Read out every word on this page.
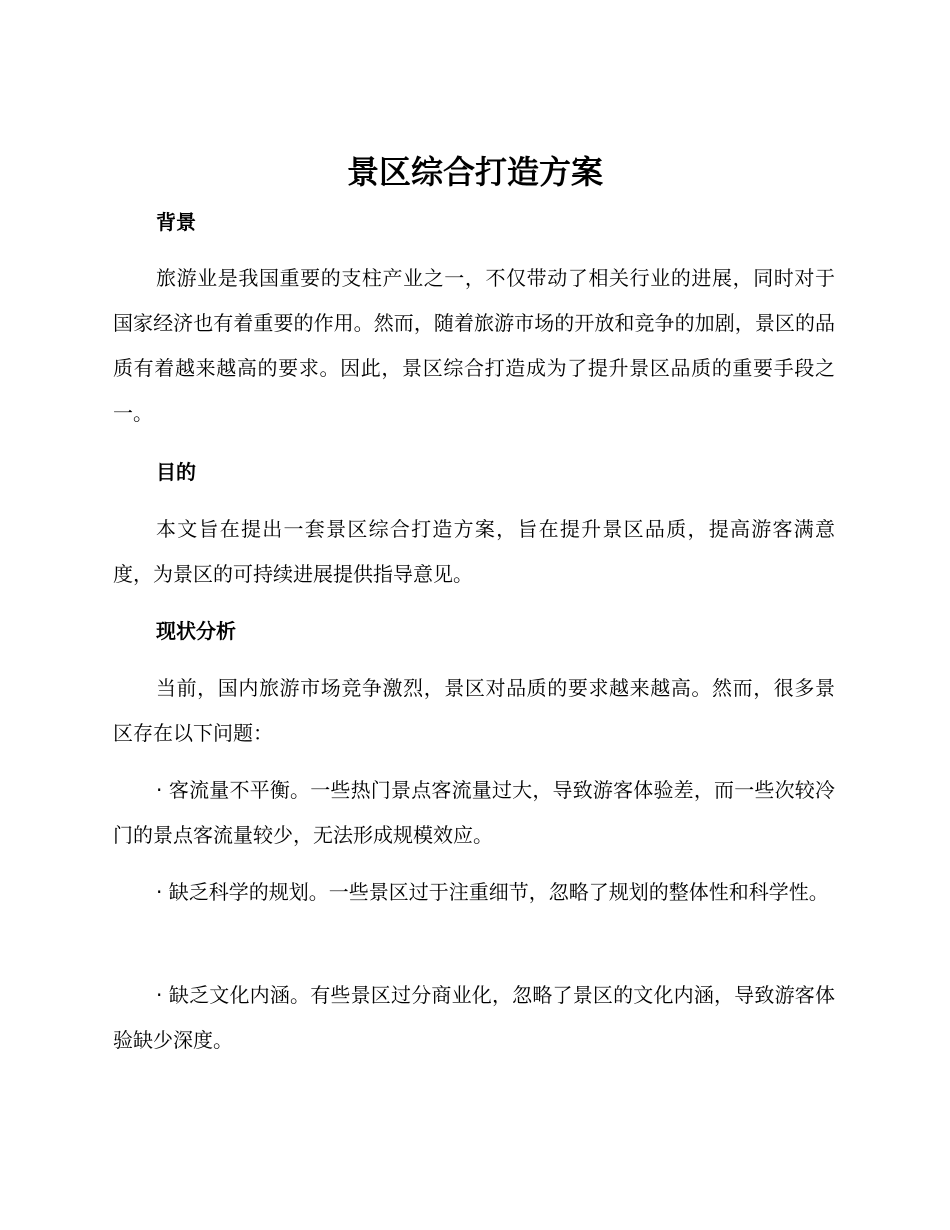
景区综合打造方案
背景

旅游业是我国重要的支柱产业之一，不仅带动了相关行业的进展，同时对于国家经济也有着重要的作用。然而，随着旅游市场的开放和竞争的加剧，景区的品质有着越来越高的要求。因此，景区综合打造成为了提升景区品质的重要手段之一。

目的

本文旨在提出一套景区综合打造方案，旨在提升景区品质，提高游客满意度，为景区的可持续进展提供指导意见。

现状分析

当前，国内旅游市场竞争激烈，景区对品质的要求越来越高。然而，很多景区存在以下问题：

· 客流量不平衡。一些热门景点客流量过大，导致游客体验差，而一些次较冷门的景点客流量较少，无法形成规模效应。

· 缺乏科学的规划。一些景区过于注重细节，忽略了规划的整体性和科学性。

· 缺乏文化内涵。有些景区过分商业化，忽略了景区的文化内涵，导致游客体验缺少深度。
